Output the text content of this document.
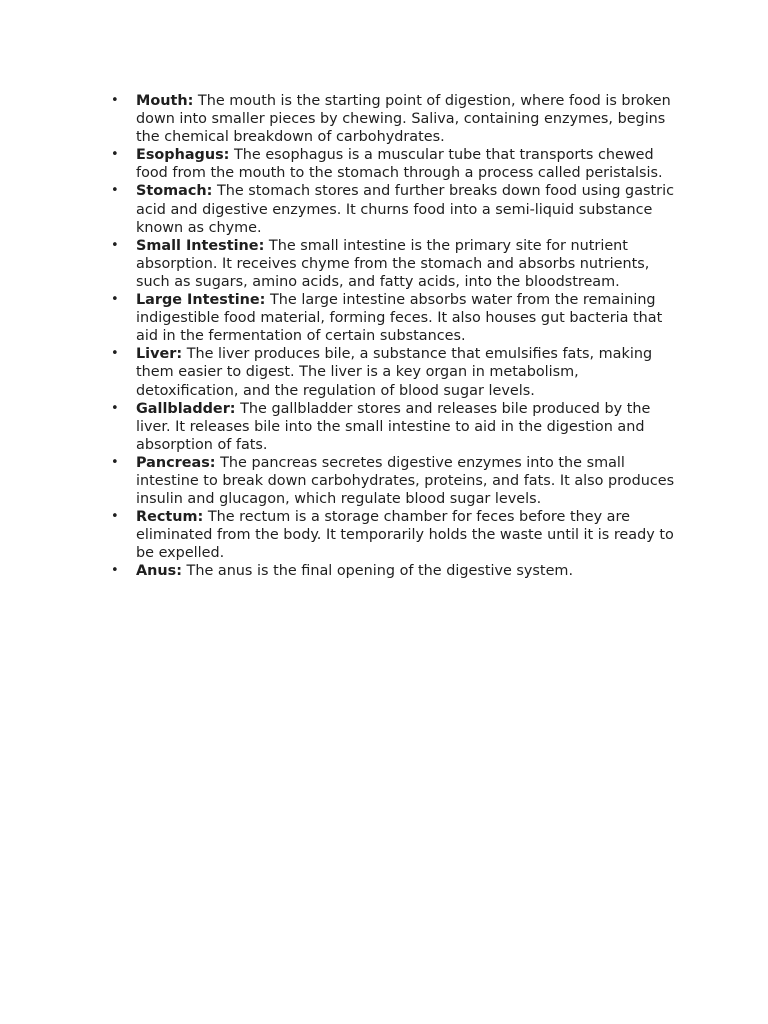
• Mouth: The mouth is the starting point of digestion, where food is broken down into smaller pieces by chewing. Saliva, containing enzymes, begins the chemical breakdown of carbohydrates.
• Esophagus: The esophagus is a muscular tube that transports chewed food from the mouth to the stomach through a process called peristalsis.
• Stomach: The stomach stores and further breaks down food using gastric acid and digestive enzymes. It churns food into a semi-liquid substance known as chyme.
• Small Intestine: The small intestine is the primary site for nutrient absorption. It receives chyme from the stomach and absorbs nutrients, such as sugars, amino acids, and fatty acids, into the bloodstream.
• Large Intestine: The large intestine absorbs water from the remaining indigestible food material, forming feces. It also houses gut bacteria that aid in the fermentation of certain substances.
• Liver: The liver produces bile, a substance that emulsifies fats, making them easier to digest. The liver is a key organ in metabolism, detoxification, and the regulation of blood sugar levels.
• Gallbladder: The gallbladder stores and releases bile produced by the liver. It releases bile into the small intestine to aid in the digestion and absorption of fats.
• Pancreas: The pancreas secretes digestive enzymes into the small intestine to break down carbohydrates, proteins, and fats. It also produces insulin and glucagon, which regulate blood sugar levels.
• Rectum: The rectum is a storage chamber for feces before they are eliminated from the body. It temporarily holds the waste until it is ready to be expelled.
• Anus: The anus is the final opening of the digestive system.
